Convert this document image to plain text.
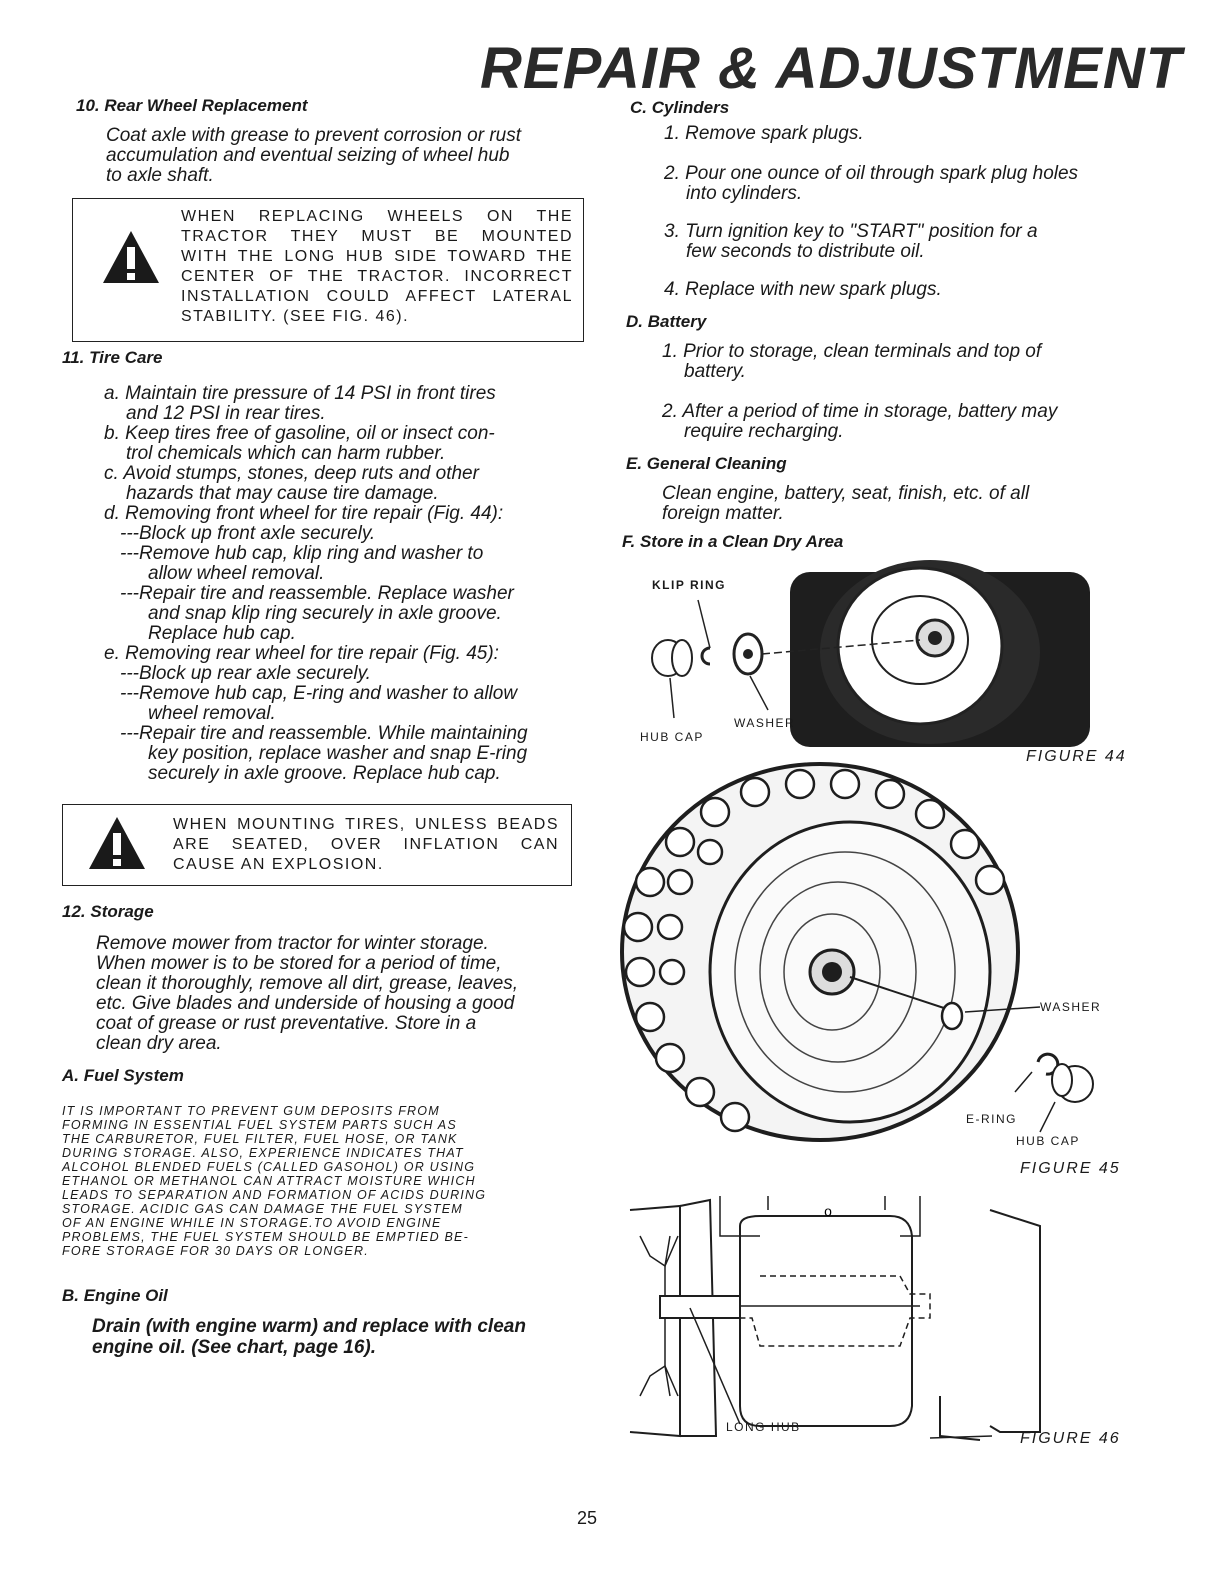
REPAIR & ADJUSTMENT
10. Rear Wheel Replacement
Coat axle with grease to prevent corrosion or rust
accumulation and eventual seizing of wheel hub
to axle shaft.
WHEN REPLACING WHEELS ON THE
TRACTOR THEY MUST BE MOUNTED
WITH THE LONG HUB SIDE TOWARD THE
CENTER OF THE TRACTOR. INCORRECT
INSTALLATION COULD AFFECT LATERAL
STABILITY. (SEE FIG. 46).
11. Tire Care
a. Maintain tire pressure of 14 PSI in front tires
and 12 PSI in rear tires.
b. Keep tires free of gasoline, oil or insect con-
trol chemicals which can harm rubber.
c. Avoid stumps, stones, deep ruts and other
hazards that may cause tire damage.
d. Removing front wheel for tire repair (Fig. 44):
---Block up front axle securely.
---Remove hub cap, klip ring and washer to
allow wheel removal.
---Repair tire and reassemble. Replace washer
and snap klip ring securely in axle groove.
Replace hub cap.
e. Removing rear wheel for tire repair (Fig. 45):
---Block up rear axle securely.
---Remove hub cap, E-ring and washer to allow
wheel removal.
---Repair tire and reassemble. While maintaining
key position, replace washer and snap E-ring
securely in axle groove. Replace hub cap.
WHEN MOUNTING TIRES, UNLESS BEADS
ARE SEATED, OVER INFLATION CAN
CAUSE AN EXPLOSION.
12. Storage
Remove mower from tractor for winter storage.
When mower is to be stored for a period of time,
clean it thoroughly, remove all dirt, grease, leaves,
etc. Give blades and underside of housing a good
coat of grease or rust preventative. Store in a
clean dry area.
A. Fuel System
IT IS IMPORTANT TO PREVENT GUM DEPOSITS FROM
FORMING IN ESSENTIAL FUEL SYSTEM PARTS SUCH AS
THE CARBURETOR, FUEL FILTER, FUEL HOSE, OR TANK
DURING STORAGE. ALSO, EXPERIENCE INDICATES THAT
ALCOHOL BLENDED FUELS (CALLED GASOHOL) OR USING
ETHANOL OR METHANOL CAN ATTRACT MOISTURE WHICH
LEADS TO SEPARATION AND FORMATION OF ACIDS DURING
STORAGE. ACIDIC GAS CAN DAMAGE THE FUEL SYSTEM
OF AN ENGINE WHILE IN STORAGE.TO AVOID ENGINE
PROBLEMS, THE FUEL SYSTEM SHOULD BE EMPTIED BE-
FORE STORAGE FOR 30 DAYS OR LONGER.
B. Engine Oil
Drain (with engine warm) and replace with clean
engine oil. (See chart, page 16).
C. Cylinders
1. Remove spark plugs.
2. Pour one ounce of oil through spark plug holes
into cylinders.
3. Turn ignition key to "START" position for a
few seconds to distribute oil.
4. Replace with new spark plugs.
D. Battery
1. Prior to storage, clean terminals and top of
battery.
2. After a period of time in storage, battery may
require recharging.
E. General Cleaning
Clean engine, battery, seat, finish, etc. of all
foreign matter.
F. Store in a Clean Dry Area
KLIP RING
WASHER
HUB CAP
FIGURE 44
WASHER
E-RING
HUB CAP
FIGURE 45
o
LONG HUB
FIGURE 46
25
